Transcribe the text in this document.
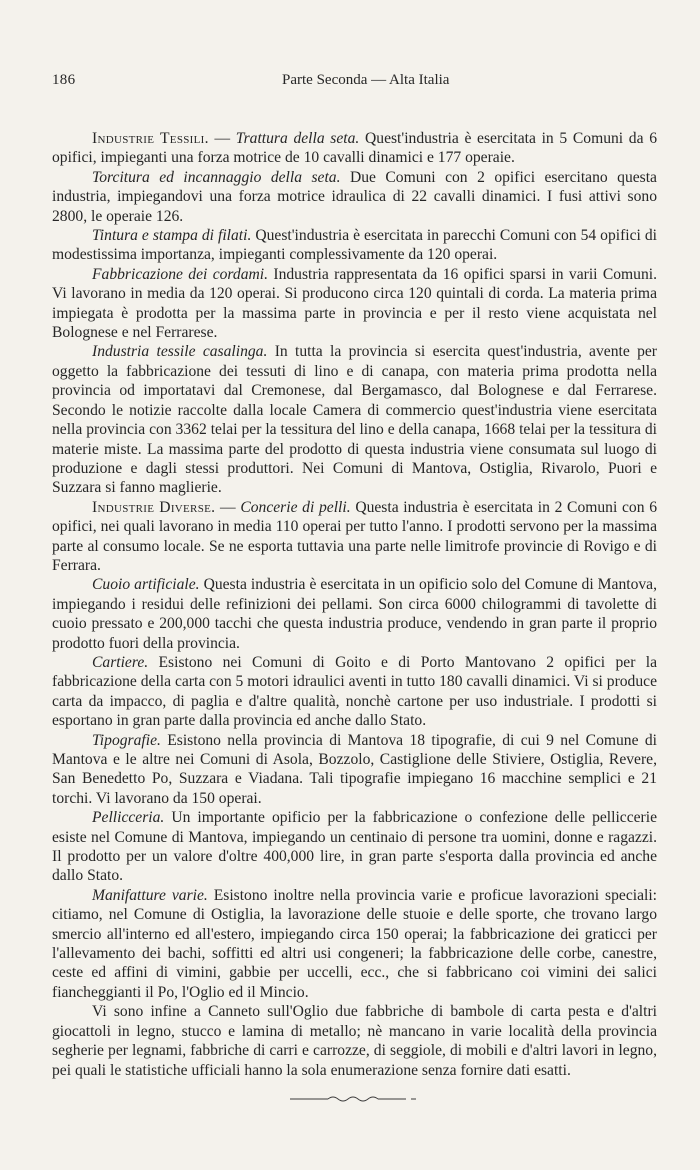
186	Parte Seconda — Alta Italia

Industrie Tessili. — Trattura della seta. Quest'industria è esercitata in 5 Comuni da 6 opifici, impieganti una forza motrice de 10 cavalli dinamici e 177 operaie.

Torcitura ed incannaggio della seta. Due Comuni con 2 opifici esercitano questa industria, impiegandovi una forza motrice idraulica di 22 cavalli dinamici. I fusi attivi sono 2800, le operaie 126.

Tintura e stampa di filati. Quest'industria è esercitata in parecchi Comuni con 54 opifici di modestissima importanza, impieganti complessivamente da 120 operai.

Fabbricazione dei cordami. Industria rappresentata da 16 opifici sparsi in varii Comuni. Vi lavorano in media da 120 operai. Si producono circa 120 quintali di corda. La materia prima impiegata è prodotta per la massima parte in provincia e per il resto viene acquistata nel Bolognese e nel Ferrarese.

Industria tessile casalinga. In tutta la provincia si esercita quest'industria, avente per oggetto la fabbricazione dei tessuti di lino e di canapa, con materia prima prodotta nella provincia od importatavi dal Cremonese, dal Bergamasco, dal Bolognese e dal Ferrarese. Secondo le notizie raccolte dalla locale Camera di commercio quest'industria viene esercitata nella provincia con 3362 telai per la tessitura del lino e della canapa, 1668 telai per la tessitura di materie miste. La massima parte del prodotto di questa industria viene consumata sul luogo di produzione e dagli stessi produttori. Nei Comuni di Mantova, Ostiglia, Rivarolo, Puori e Suzzara si fanno maglierie.

Industrie Diverse. — Concerie di pelli. Questa industria è esercitata in 2 Comuni con 6 opifici, nei quali lavorano in media 110 operai per tutto l'anno. I prodotti servono per la massima parte al consumo locale. Se ne esporta tuttavia una parte nelle limitrofe provincie di Rovigo e di Ferrara.

Cuoio artificiale. Questa industria è esercitata in un opificio solo del Comune di Mantova, impiegando i residui delle refinizioni dei pellami. Son circa 6000 chilogrammi di tavolette di cuoio pressato e 200,000 tacchi che questa industria produce, vendendo in gran parte il proprio prodotto fuori della provincia.

Cartiere. Esistono nei Comuni di Goito e di Porto Mantovano 2 opifici per la fabbricazione della carta con 5 motori idraulici aventi in tutto 180 cavalli dinamici. Vi si produce carta da impacco, di paglia e d'altre qualità, nonchè cartone per uso industriale. I prodotti si esportano in gran parte dalla provincia ed anche dallo Stato.

Tipografie. Esistono nella provincia di Mantova 18 tipografie, di cui 9 nel Comune di Mantova e le altre nei Comuni di Asola, Bozzolo, Castiglione delle Stiviere, Ostiglia, Revere, San Benedetto Po, Suzzara e Viadana. Tali tipografie impiegano 16 macchine semplici e 21 torchi. Vi lavorano da 150 operai.

Pellicceria. Un importante opificio per la fabbricazione o confezione delle pelliccerie esiste nel Comune di Mantova, impiegando un centinaio di persone tra uomini, donne e ragazzi. Il prodotto per un valore d'oltre 400,000 lire, in gran parte s'esporta dalla provincia ed anche dallo Stato.

Manifatture varie. Esistono inoltre nella provincia varie e proficue lavorazioni speciali: citiamo, nel Comune di Ostiglia, la lavorazione delle stuoie e delle sporte, che trovano largo smercio all'interno ed all'estero, impiegando circa 150 operai; la fabbricazione dei graticci per l'allevamento dei bachi, soffitti ed altri usi congeneri; la fabbricazione delle corbe, canestre, ceste ed affini di vimini, gabbie per uccelli, ecc., che si fabbricano coi vimini dei salici fiancheggianti il Po, l'Oglio ed il Mincio.

Vi sono infine a Canneto sull'Oglio due fabbriche di bambole di carta pesta e d'altri giocattoli in legno, stucco e lamina di metallo; nè mancano in varie località della provincia segherie per legnami, fabbriche di carri e carrozze, di seggiole, di mobili e d'altri lavori in legno, pei quali le statistiche ufficiali hanno la sola enumerazione senza fornire dati esatti.
